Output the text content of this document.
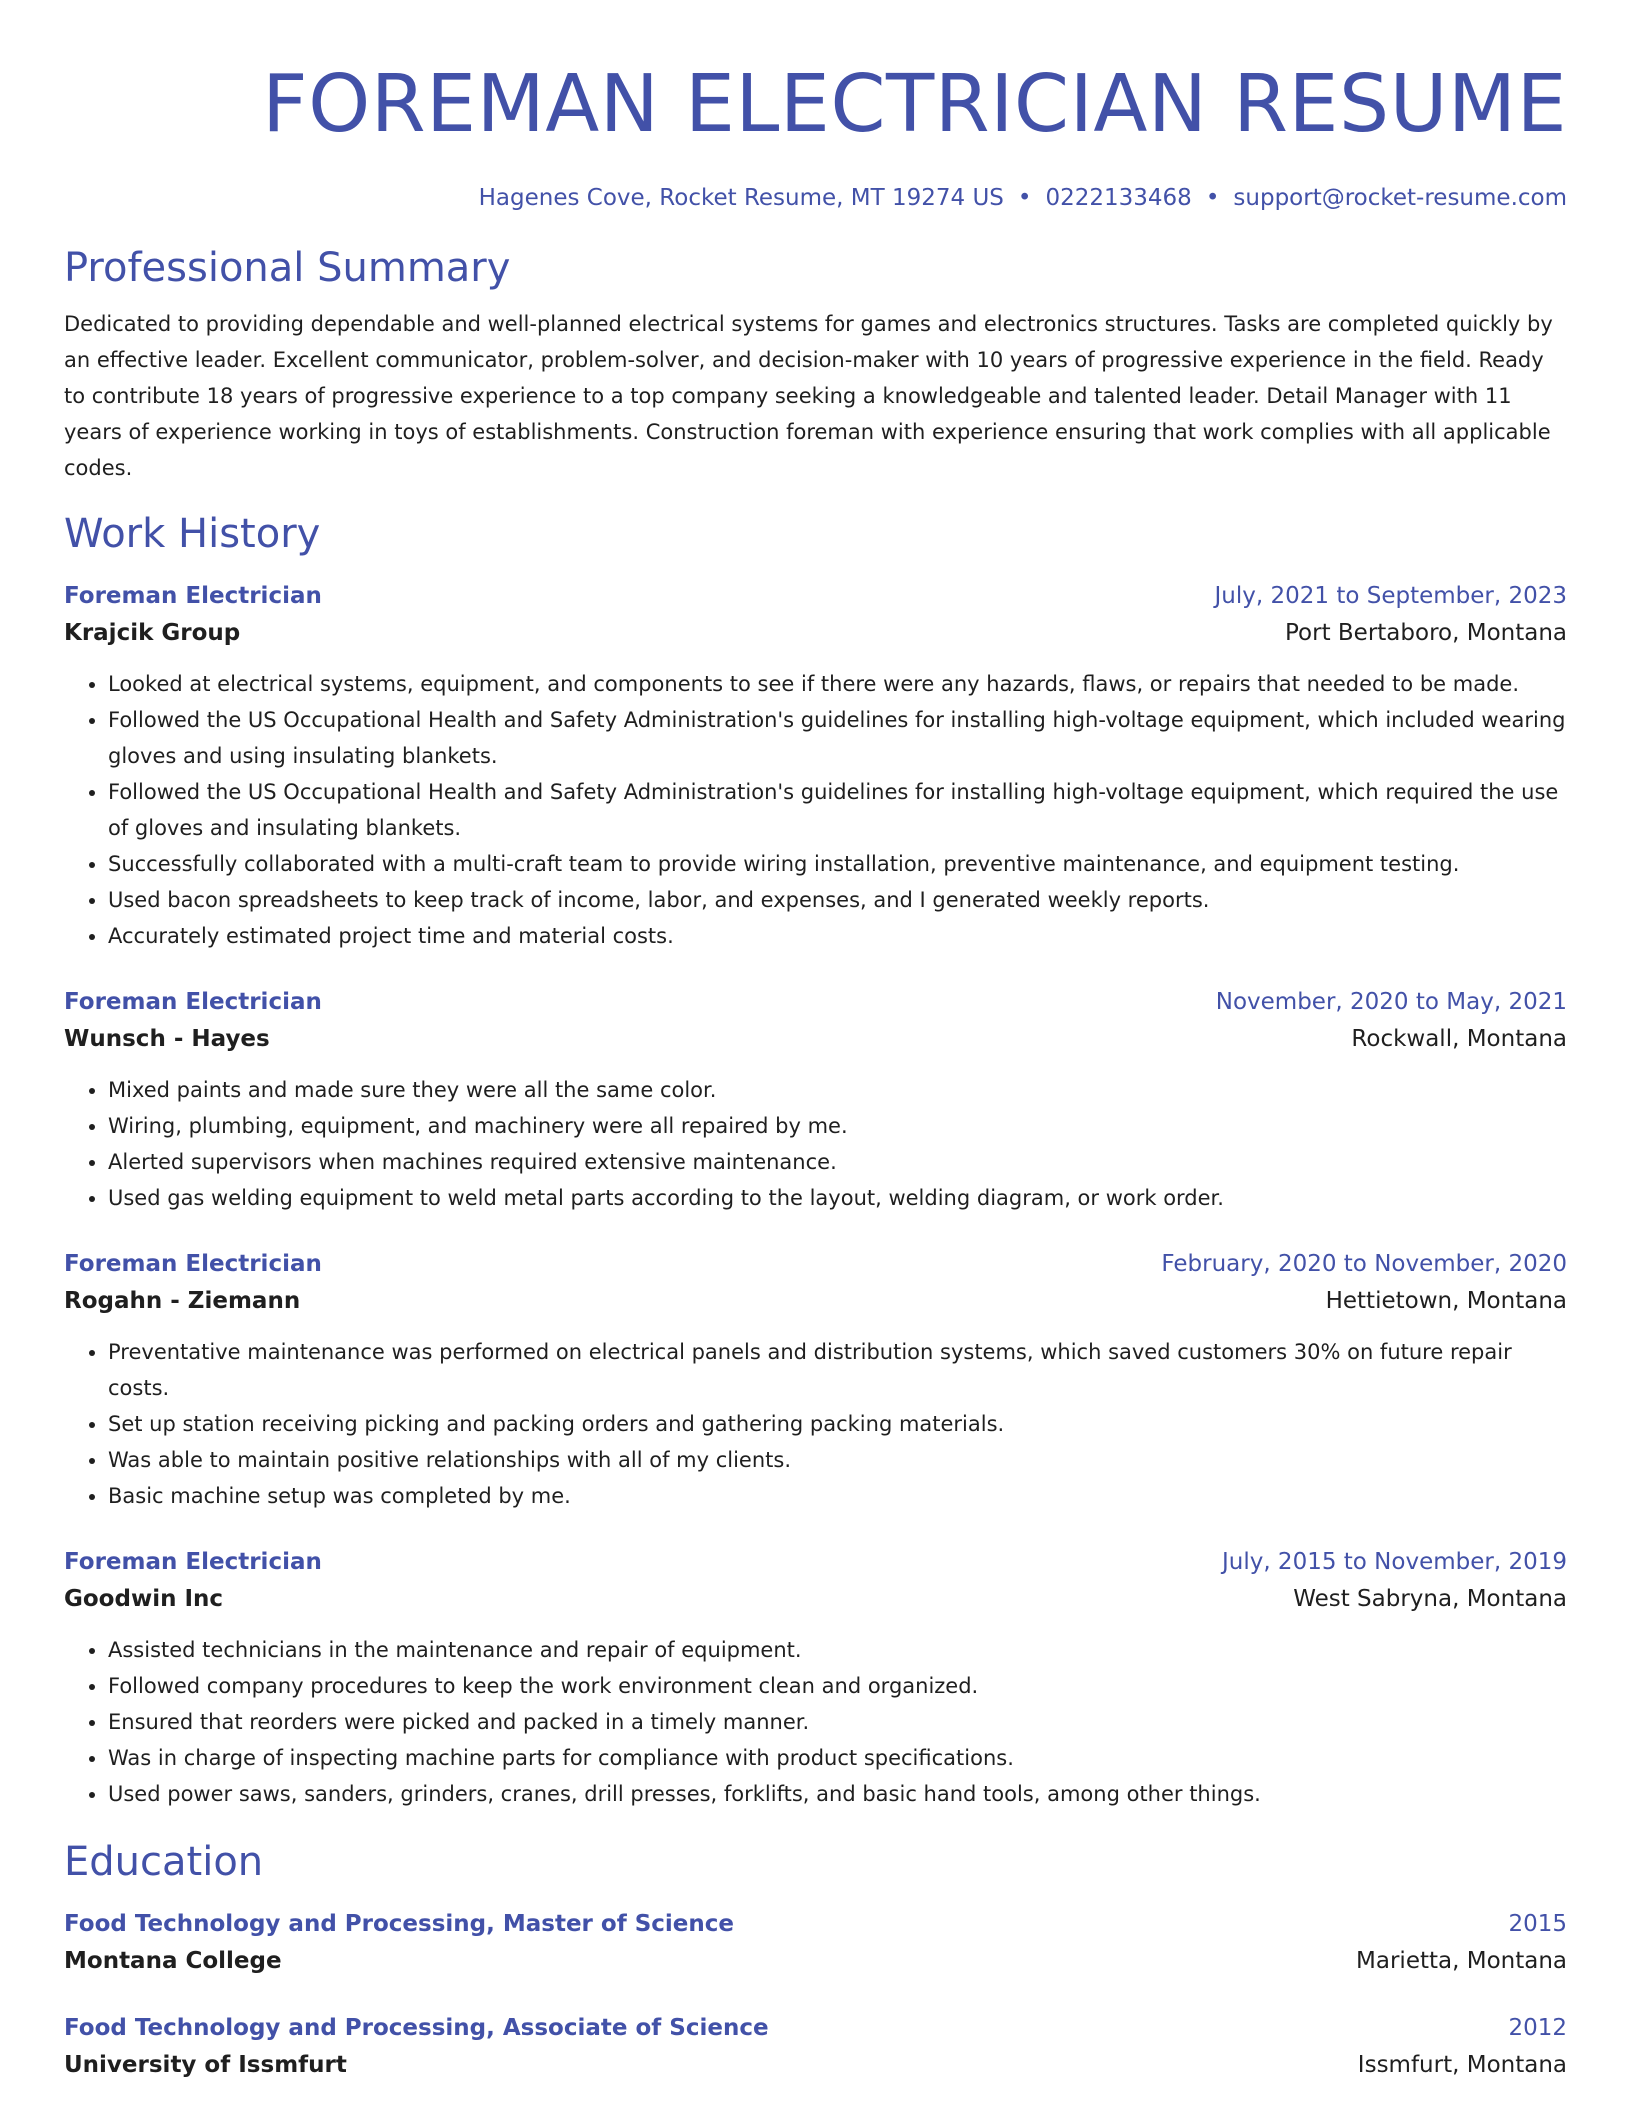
FOREMAN ELECTRICIAN RESUME
Hagenes Cove, Rocket Resume, MT 19274 US • 0222133468 • support@rocket-resume.com
Professional Summary

Dedicated to providing dependable and well-planned electrical systems for games and electronics structures. Tasks are completed quickly by an effective leader. Excellent communicator, problem-solver, and decision-maker with 10 years of progressive experience in the field. Ready to contribute 18 years of progressive experience to a top company seeking a knowledgeable and talented leader. Detail Manager with 11 years of experience working in toys of establishments. Construction foreman with experience ensuring that work complies with all applicable codes.

Work History
Foreman Electrician	July, 2021 to September, 2023
Krajcik Group	Port Bertaboro, Montana
• Looked at electrical systems, equipment, and components to see if there were any hazards, flaws, or repairs that needed to be made.
• Followed the US Occupational Health and Safety Administration's guidelines for installing high-voltage equipment, which included wearing gloves and using insulating blankets.
• Followed the US Occupational Health and Safety Administration's guidelines for installing high-voltage equipment, which required the use of gloves and insulating blankets.
• Successfully collaborated with a multi-craft team to provide wiring installation, preventive maintenance, and equipment testing.
• Used bacon spreadsheets to keep track of income, labor, and expenses, and I generated weekly reports.
• Accurately estimated project time and material costs.
Foreman Electrician	November, 2020 to May, 2021
Wunsch - Hayes	Rockwall, Montana
• Mixed paints and made sure they were all the same color.
• Wiring, plumbing, equipment, and machinery were all repaired by me.
• Alerted supervisors when machines required extensive maintenance.
• Used gas welding equipment to weld metal parts according to the layout, welding diagram, or work order.
Foreman Electrician	February, 2020 to November, 2020
Rogahn - Ziemann	Hettietown, Montana
• Preventative maintenance was performed on electrical panels and distribution systems, which saved customers 30% on future repair costs.
• Set up station receiving picking and packing orders and gathering packing materials.
• Was able to maintain positive relationships with all of my clients.
• Basic machine setup was completed by me.
Foreman Electrician	July, 2015 to November, 2019
Goodwin Inc	West Sabryna, Montana
• Assisted technicians in the maintenance and repair of equipment.
• Followed company procedures to keep the work environment clean and organized.
• Ensured that reorders were picked and packed in a timely manner.
• Was in charge of inspecting machine parts for compliance with product specifications.
• Used power saws, sanders, grinders, cranes, drill presses, forklifts, and basic hand tools, among other things.
Education
Food Technology and Processing, Master of Science	2015
Montana College	Marietta, Montana
Food Technology and Processing, Associate of Science	2012
University of Issmfurt	Issmfurt, Montana
